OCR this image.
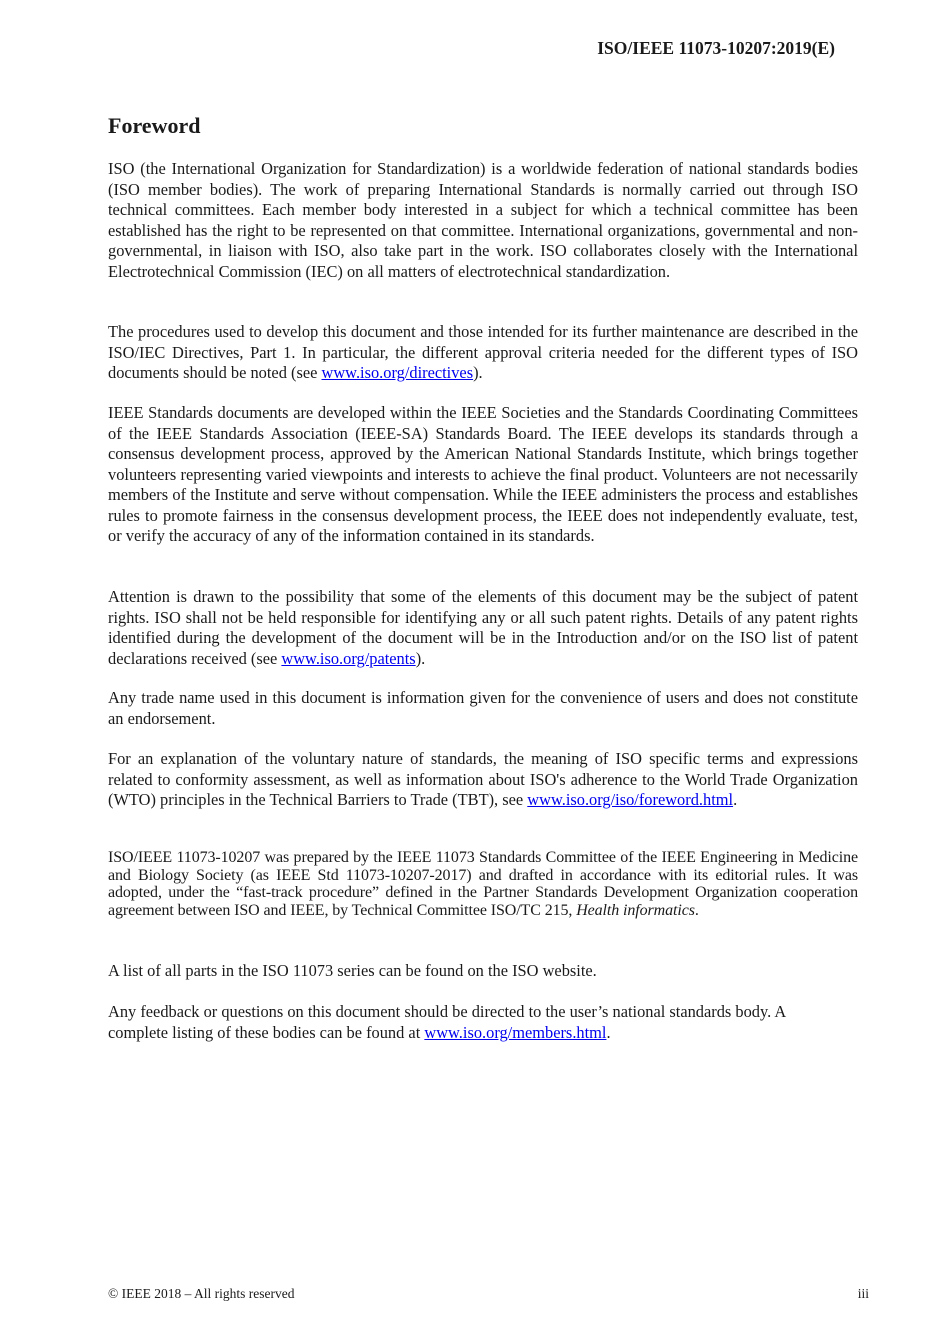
ISO/IEEE 11073-10207:2019(E)
Foreword

ISO (the International Organization for Standardization) is a worldwide federation of national standards bodies (ISO member bodies). The work of preparing International Standards is normally carried out through ISO technical committees. Each member body interested in a subject for which a technical committee has been established has the right to be represented on that committee. International organizations, governmental and non-governmental, in liaison with ISO, also take part in the work. ISO collaborates closely with the International Electrotechnical Commission (IEC) on all matters of electrotechnical standardization.

The procedures used to develop this document and those intended for its further maintenance are described in the ISO/IEC Directives, Part 1. In particular, the different approval criteria needed for the different types of ISO documents should be noted (see www.iso.org/directives).

IEEE Standards documents are developed within the IEEE Societies and the Standards Coordinating Committees of the IEEE Standards Association (IEEE-SA) Standards Board. The IEEE develops its standards through a consensus development process, approved by the American National Standards Institute, which brings together volunteers representing varied viewpoints and interests to achieve the final product. Volunteers are not necessarily members of the Institute and serve without compensation. While the IEEE administers the process and establishes rules to promote fairness in the consensus development process, the IEEE does not independently evaluate, test, or verify the accuracy of any of the information contained in its standards.

Attention is drawn to the possibility that some of the elements of this document may be the subject of patent rights. ISO shall not be held responsible for identifying any or all such patent rights. Details of any patent rights identified during the development of the document will be in the Introduction and/or on the ISO list of patent declarations received (see www.iso.org/patents).

Any trade name used in this document is information given for the convenience of users and does not constitute an endorsement.

For an explanation of the voluntary nature of standards, the meaning of ISO specific terms and expressions related to conformity assessment, as well as information about ISO's adherence to the World Trade Organization (WTO) principles in the Technical Barriers to Trade (TBT), see www.iso.org/iso/foreword.html.

ISO/IEEE 11073-10207 was prepared by the IEEE 11073 Standards Committee of the IEEE Engineering in Medicine and Biology Society (as IEEE Std 11073-10207-2017) and drafted in accordance with its editorial rules. It was adopted, under the “fast-track procedure” defined in the Partner Standards Development Organization cooperation agreement between ISO and IEEE, by Technical Committee ISO/TC 215, Health informatics.

A list of all parts in the ISO 11073 series can be found on the ISO website.

Any feedback or questions on this document should be directed to the user’s national standards body. A complete listing of these bodies can be found at www.iso.org/members.html.

© IEEE 2018 – All rights reserved	iii
